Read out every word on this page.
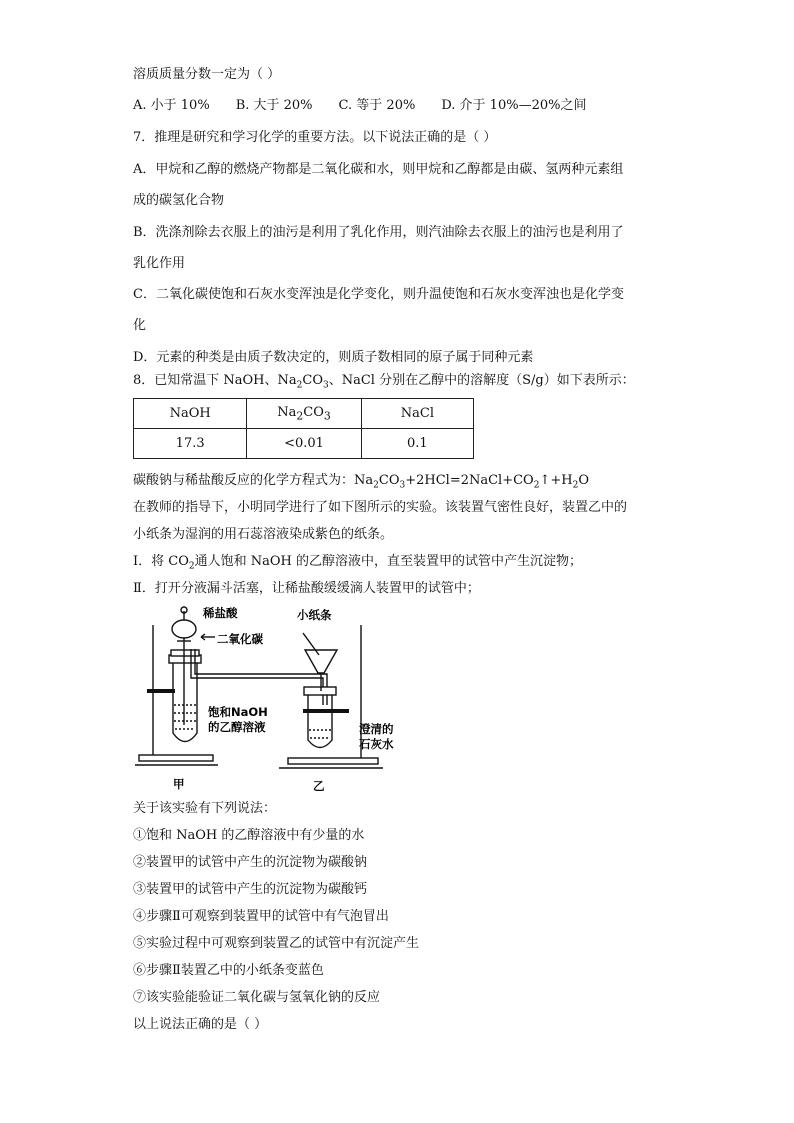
溶质质量分数一定为（ ）
A. 小于 10% B. 大于 20% C. 等于 20% D. 介于 10%—20%之间
7．推理是研究和学习化学的重要方法。以下说法正确的是（ ）
A．甲烷和乙醇的燃烧产物都是二氧化碳和水，则甲烷和乙醇都是由碳、氢两种元素组
成的碳氢化合物
B．洗涤剂除去衣服上的油污是利用了乳化作用，则汽油除去衣服上的油污也是利用了
乳化作用
C．二氧化碳使饱和石灰水变浑浊是化学变化，则升温使饱和石灰水变浑浊也是化学变
化
D．元素的种类是由质子数决定的，则质子数相同的原子属于同种元素
8．已知常温下 NaOH、$Na_2CO_3$、NaCl 分别在乙醇中的溶解度（S/g）如下表所示：
NaOH	$Na_2CO_3$	NaCl
17.3	<0.01	0.1
碳酸钠与稀盐酸反应的化学方程式为：$Na_2CO_3+2HCl=2NaCl+CO_2↑+H_2O$
在教师的指导下，小明同学进行了如下图所示的实验。该装置气密性良好，装置乙中的
小纸条为湿润的用石蕊溶液染成紫色的纸条。
I．将 $CO_2$通人饱和 NaOH 的乙醇溶液中，直至装置甲的试管中产生沉淀物；
Ⅱ．打开分液漏斗活塞，让稀盐酸缓缓滴人装置甲的试管中；
稀盐酸
二氧化碳
饱和NaOH
的乙醇溶液
小纸条
澄清的
石灰水
甲	乙
关于该实验有下列说法：
①饱和 NaOH 的乙醇溶液中有少量的水
②装置甲的试管中产生的沉淀物为碳酸钠
③装置甲的试管中产生的沉淀物为碳酸钙
④步骤Ⅱ可观察到装置甲的试管中有气泡冒出
⑤实验过程中可观察到装置乙的试管中有沉淀产生
⑥步骤Ⅱ装置乙中的小纸条变蓝色
⑦该实验能验证二氧化碳与氢氧化钠的反应
以上说法正确的是（ ）
